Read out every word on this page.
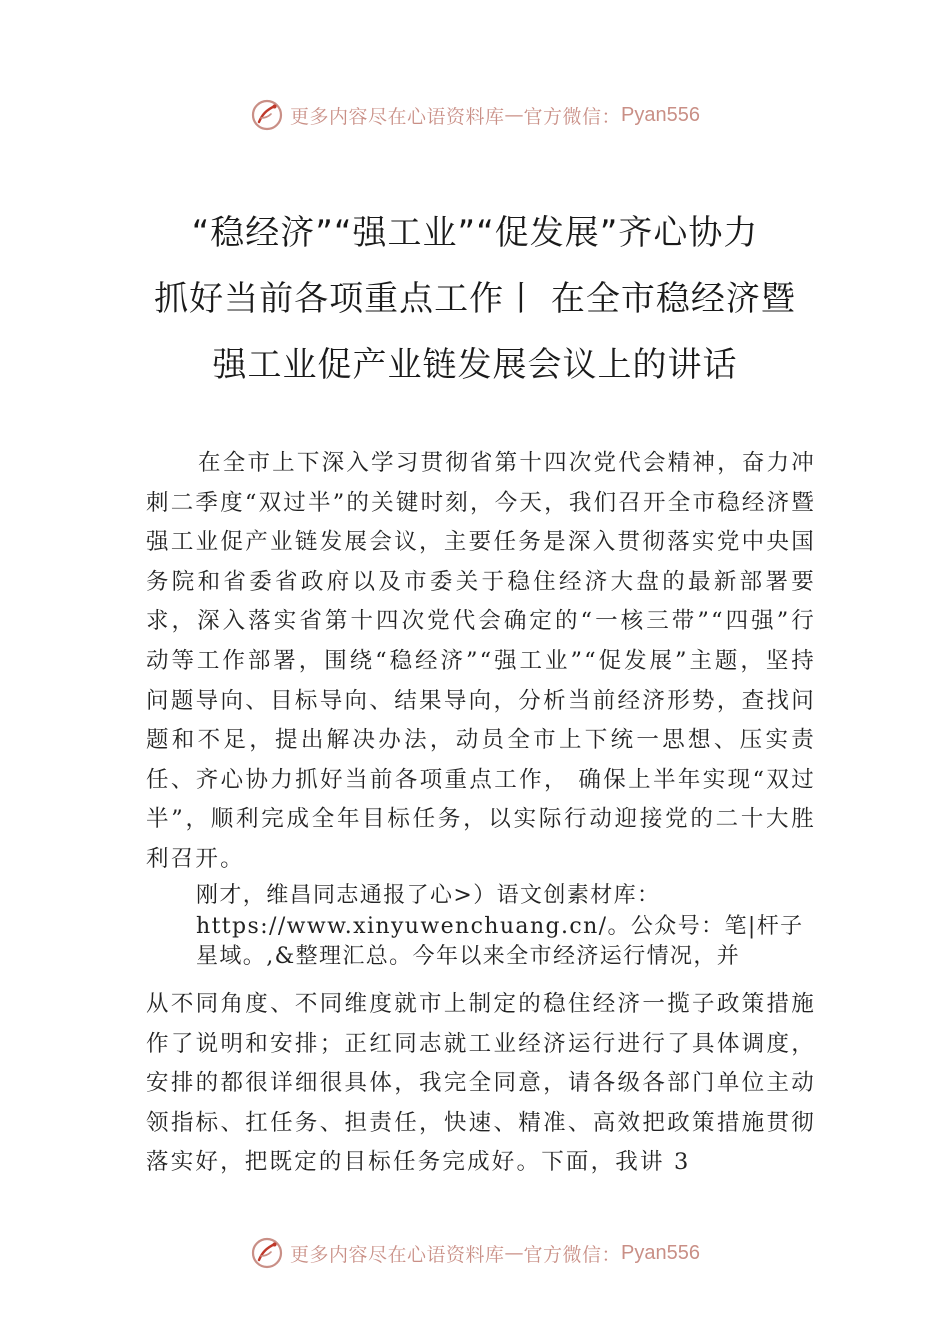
更多内容尽在心语资料库 — 官方微信： Pyan556
“稳经济”“强工业”“促发展”齐心协力
抓好当前各项重点工作丨 在全市稳经济暨
强工业促产业链发展会议上的讲话
在全市上下深入学习贯彻省第十四次党代会精神，奋力冲刺二季度“双过半”的关键时刻，今天，我们召开全市稳经济暨强工业促产业链发展会议，主要任务是深入贯彻落实党中央国务院和省委省政府以及市委关于稳住经济大盘的最新部署要求，深入落实省第十四次党代会确定的“一核三带”“四强”行动等工作部署，围绕“稳经济”“强工业”“促发展”主题，坚持问题导向、目标导向、结果导向，分析当前经济形势，查找问题和不足，提出解决办法，动员全市上下统一思想、压实责任、齐心协力抓好当前各项重点工作， 确保上半年实现“双过半”，顺利完成全年目标任务，以实际行动迎接党的二十大胜利召开。
刚才，维昌同志通报了心>）语文创素材库：https://www.xinyuwenchuang.cn/。公众号：笔|杆子星域。,&整理汇总。今年以来全市经济运行情况，并
从不同角度、不同维度就市上制定的稳住经济一揽子政策措施作了说明和安排；正红同志就工业经济运行进行了具体调度，安排的都很详细很具体，我完全同意，请各级各部门单位主动领指标、扛任务、担责任，快速、精准、高效把政策措施贯彻落实好，把既定的目标任务完成好。下面，我讲 3
更多内容尽在心语资料库 — 官方微信： Pyan556
